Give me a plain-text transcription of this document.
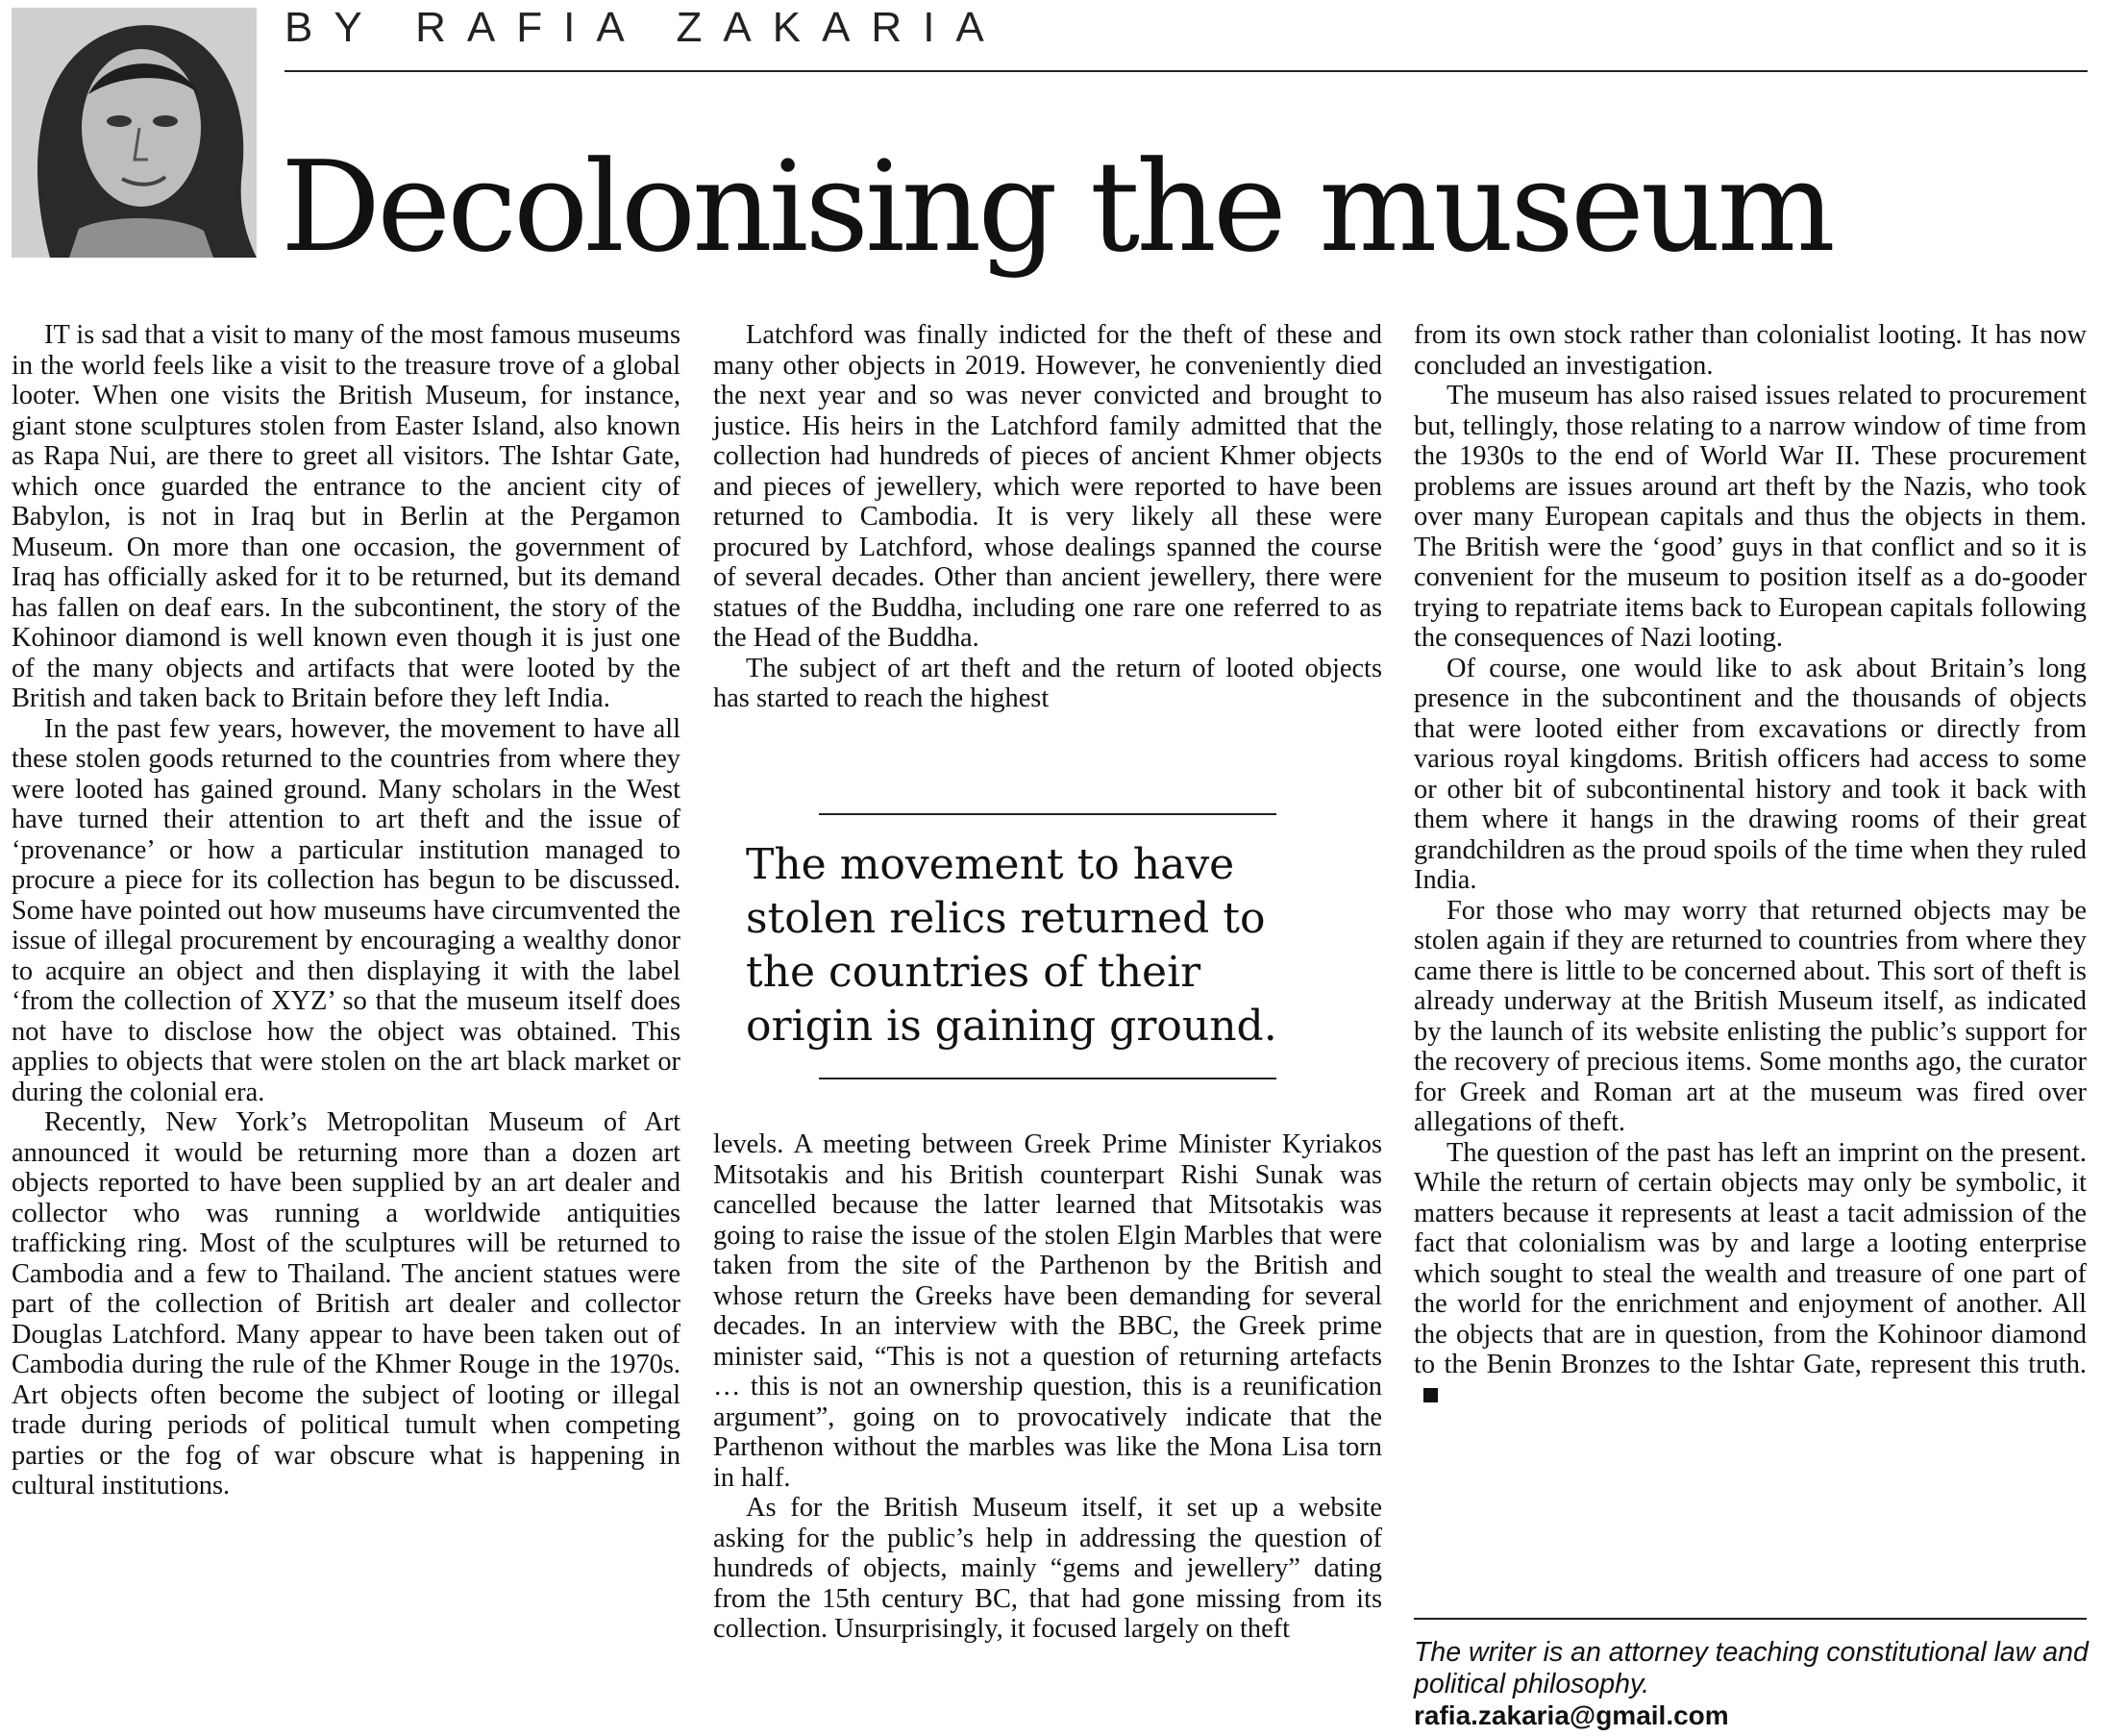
BY RAFIA ZAKARIA
Decolonising the museum

IT is sad that a visit to many of the most famous museums in the world feels like a visit to the treasure trove of a global looter. When one visits the British Museum, for instance, giant stone sculptures stolen from Easter Island, also known as Rapa Nui, are there to greet all visitors. The Ishtar Gate, which once guarded the entrance to the ancient city of Babylon, is not in Iraq but in Berlin at the Pergamon Museum. On more than one occasion, the government of Iraq has officially asked for it to be returned, but its demand has fallen on deaf ears. In the subcontinent, the story of the Kohinoor diamond is well known even though it is just one of the many objects and artifacts that were looted by the British and taken back to Britain before they left India.

In the past few years, however, the movement to have all these stolen goods returned to the countries from where they were looted has gained ground. Many scholars in the West have turned their attention to art theft and the issue of ‘provenance’ or how a particular institution managed to procure a piece for its collection has begun to be discussed. Some have pointed out how museums have circumvented the issue of illegal procurement by encouraging a wealthy donor to acquire an object and then displaying it with the label ‘from the collection of XYZ’ so that the museum itself does not have to disclose how the object was obtained. This applies to objects that were stolen on the art black market or during the colonial era.

Recently, New York’s Metropolitan Museum of Art announced it would be returning more than a dozen art objects reported to have been supplied by an art dealer and collector who was running a worldwide antiquities trafficking ring. Most of the sculptures will be returned to Cambodia and a few to Thailand. The ancient statues were part of the collection of British art dealer and collector Douglas Latchford. Many appear to have been taken out of Cambodia during the rule of the Khmer Rouge in the 1970s. Art objects often become the subject of looting or illegal trade during periods of political tumult when competing parties or the fog of war obscure what is happening in cultural institutions.

Latchford was finally indicted for the theft of these and many other objects in 2019. However, he conveniently died the next year and so was never convicted and brought to justice. His heirs in the Latchford family admitted that the collection had hundreds of pieces of ancient Khmer objects and pieces of jewellery, which were reported to have been returned to Cambodia. It is very likely all these were procured by Latchford, whose dealings spanned the course of several decades. Other than ancient jewellery, there were statues of the Buddha, including one rare one referred to as the Head of the Buddha.

The subject of art theft and the return of looted objects has started to reach the highest

The movement to have stolen relics returned to the countries of their origin is gaining ground.

levels. A meeting between Greek Prime Minister Kyriakos Mitsotakis and his British counterpart Rishi Sunak was cancelled because the latter learned that Mitsotakis was going to raise the issue of the stolen Elgin Marbles that were taken from the site of the Parthenon by the British and whose return the Greeks have been demanding for several decades. In an interview with the BBC, the Greek prime minister said, “This is not a question of returning artefacts … this is not an ownership question, this is a reunification argument”, going on to provocatively indicate that the Parthenon without the marbles was like the Mona Lisa torn in half.

As for the British Museum itself, it set up a website asking for the public’s help in addressing the question of hundreds of objects, mainly “gems and jewellery” dating from the 15th century BC, that had gone missing from its collection. Unsurprisingly, it focused largely on theft

from its own stock rather than colonialist looting. It has now concluded an investigation.

The museum has also raised issues related to procurement but, tellingly, those relating to a narrow window of time from the 1930s to the end of World War II. These procurement problems are issues around art theft by the Nazis, who took over many European capitals and thus the objects in them. The British were the ‘good’ guys in that conflict and so it is convenient for the museum to position itself as a do-gooder trying to repatriate items back to European capitals following the consequences of Nazi looting.

Of course, one would like to ask about Britain’s long presence in the subcontinent and the thousands of objects that were looted either from excavations or directly from various royal kingdoms. British officers had access to some or other bit of subcontinental history and took it back with them where it hangs in the drawing rooms of their great grandchildren as the proud spoils of the time when they ruled India.

For those who may worry that returned objects may be stolen again if they are returned to countries from where they came there is little to be concerned about. This sort of theft is already underway at the British Museum itself, as indicated by the launch of its website enlisting the public’s support for the recovery of precious items. Some months ago, the curator for Greek and Roman art at the museum was fired over allegations of theft.

The question of the past has left an imprint on the present. While the return of certain objects may only be symbolic, it matters because it represents at least a tacit admission of the fact that colonialism was by and large a looting enterprise which sought to steal the wealth and treasure of one part of the world for the enrichment and enjoyment of another. All the objects that are in question, from the Kohinoor diamond to the Benin Bronzes to the Ishtar Gate, represent this truth.

The writer is an attorney teaching constitutional law and political philosophy.
rafia.zakaria@gmail.com
